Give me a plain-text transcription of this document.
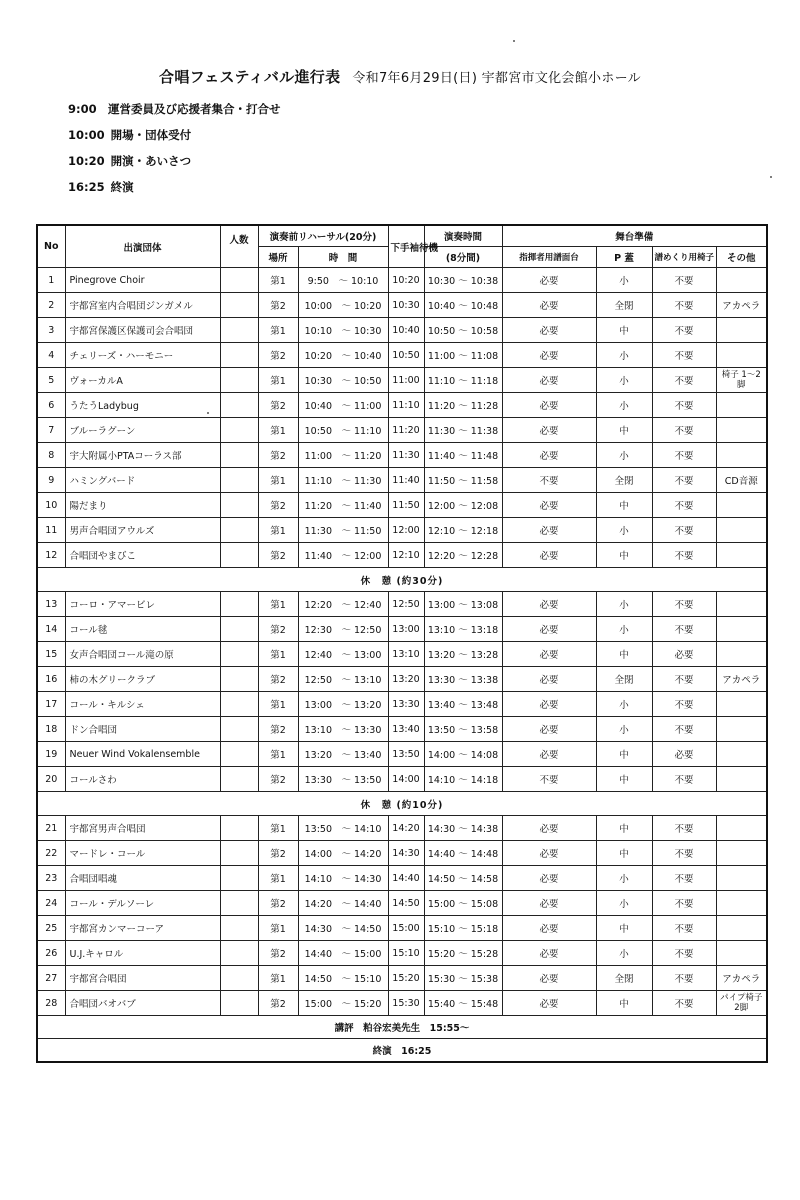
合唱フェスティバル進行表 令和7年6月29日(日) 宇都宮市文化会館小ホール
9:00 運営委員及び応援者集合・打合せ
10:00 開場・団体受付
10:20 開演・あいさつ
16:25 終演
No	出演団体	人数	演奏前リハーサル(20分)		下手袖待機	演奏時間	舞台準備			
			場所	時　間		(8分間)	指揮者用譜面台	P 蓋	譜めくり用椅子	その他
1	Pinegrove Choir		第1	9:50　～ 10:10	10:20	10:30 ～ 10:38	必要	小	不要	
2	宇都宮室内合唱団ジンガメル		第2	10:00　～ 10:20	10:30	10:40 ～ 10:48	必要	全閉	不要	アカペラ
3	宇都宮保護区保護司会合唱団		第1	10:10　～ 10:30	10:40	10:50 ～ 10:58	必要	中	不要	
4	チェリーズ・ハーモニー		第2	10:20　～ 10:40	10:50	11:00 ～ 11:08	必要	小	不要	
5	ヴォーカルA		第1	10:30　～ 10:50	11:00	11:10 ～ 11:18	必要	小	不要	椅子 1～2脚
6	うたうLadybug		第2	10:40　～ 11:00	11:10	11:20 ～ 11:28	必要	小	不要	
7	ブルーラグーン		第1	10:50　～ 11:10	11:20	11:30 ～ 11:38	必要	中	不要	
8	宇大附属小PTAコーラス部		第2	11:00　～ 11:20	11:30	11:40 ～ 11:48	必要	小	不要	
9	ハミングバード		第1	11:10　～ 11:30	11:40	11:50 ～ 11:58	不要	全閉	不要	CD音源
10	陽だまり		第2	11:20　～ 11:40	11:50	12:00 ～ 12:08	必要	中	不要	
11	男声合唱団アウルズ		第1	11:30　～ 11:50	12:00	12:10 ～ 12:18	必要	小	不要	
12	合唱団やまびこ		第2	11:40　～ 12:00	12:10	12:20 ～ 12:28	必要	中	不要	
休　憩 (約30分)										
13	コーロ・アマービレ		第1	12:20　～ 12:40	12:50	13:00 ～ 13:08	必要	小	不要	
14	コール毬		第2	12:30　～ 12:50	13:00	13:10 ～ 13:18	必要	小	不要	
15	女声合唱団コール滝の原		第1	12:40　～ 13:00	13:10	13:20 ～ 13:28	必要	中	必要	
16	柿の木グリークラブ		第2	12:50　～ 13:10	13:20	13:30 ～ 13:38	必要	全閉	不要	アカペラ
17	コール・キルシェ		第1	13:00　～ 13:20	13:30	13:40 ～ 13:48	必要	小	不要	
18	ドン合唱団		第2	13:10　～ 13:30	13:40	13:50 ～ 13:58	必要	小	不要	
19	Neuer Wind Vokalensemble		第1	13:20　～ 13:40	13:50	14:00 ～ 14:08	必要	中	必要	
20	コールさわ		第2	13:30　～ 13:50	14:00	14:10 ～ 14:18	不要	中	不要	
休　憩 (約10分)										
21	宇都宮男声合唱団		第1	13:50　～ 14:10	14:20	14:30 ～ 14:38	必要	中	不要	
22	マードレ・コール		第2	14:00　～ 14:20	14:30	14:40 ～ 14:48	必要	中	不要	
23	合唱団唱魂		第1	14:10　～ 14:30	14:40	14:50 ～ 14:58	必要	小	不要	
24	コール・デルソーレ		第2	14:20　～ 14:40	14:50	15:00 ～ 15:08	必要	小	不要	
25	宇都宮カンマーコーア		第1	14:30　～ 14:50	15:00	15:10 ～ 15:18	必要	中	不要	
26	U.J.キャロル		第2	14:40　～ 15:00	15:10	15:20 ～ 15:28	必要	小	不要	
27	宇都宮合唱団		第1	14:50　～ 15:10	15:20	15:30 ～ 15:38	必要	全閉	不要	アカペラ
28	合唱団バオバブ		第2	15:00　～ 15:20	15:30	15:40 ～ 15:48	必要	中	不要	パイプ椅子 2脚
講評　粕谷宏美先生　15:55～										
終演　16:25										
